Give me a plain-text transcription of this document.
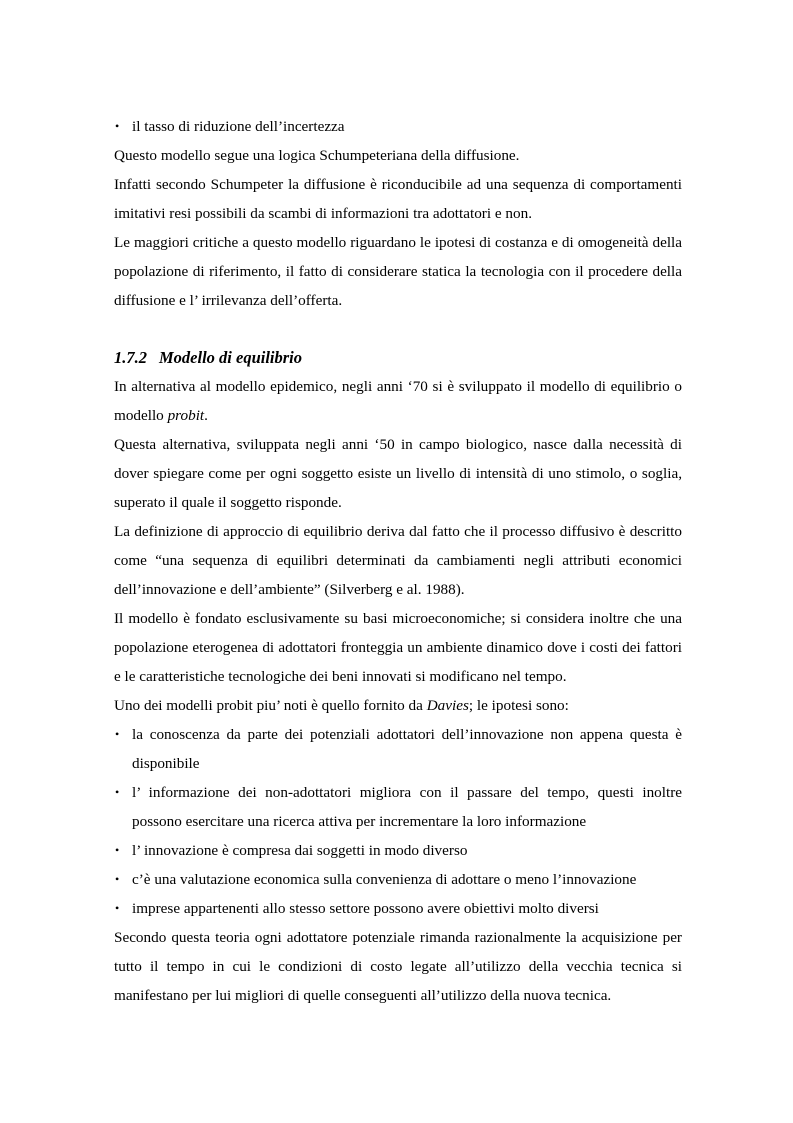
• il tasso di riduzione dell’incertezza

Questo modello segue una logica Schumpeteriana della diffusione.

Infatti secondo Schumpeter la diffusione è riconducibile ad una sequenza di comportamenti imitativi resi possibili da scambi di informazioni tra adottatori e non.

Le maggiori critiche a questo modello riguardano le ipotesi di costanza e di omogeneità della popolazione di riferimento, il fatto di considerare statica la tecnologia con il procedere della diffusione e l’ irrilevanza dell’offerta.

1.7.2 Modello di equilibrio

In alternativa al modello epidemico, negli anni ‘70 si è sviluppato il modello di equilibrio o modello probit.

Questa alternativa, sviluppata negli anni ‘50 in campo biologico, nasce dalla necessità di dover spiegare come per ogni soggetto esiste un livello di intensità di uno stimolo, o soglia, superato il quale il soggetto risponde.

La definizione di approccio di equilibrio deriva dal fatto che il processo diffusivo è descritto come “una sequenza di equilibri determinati da cambiamenti negli attributi economici dell’innovazione e dell’ambiente” (Silverberg e al. 1988).

Il modello è fondato esclusivamente su basi microeconomiche; si considera inoltre che una popolazione eterogenea di adottatori fronteggia un ambiente dinamico dove i costi dei fattori e le caratteristiche tecnologiche dei beni innovati si modificano nel tempo.

Uno dei modelli probit piu’ noti è quello fornito da Davies; le ipotesi sono:

• la conoscenza da parte dei potenziali adottatori dell’innovazione non appena questa è disponibile
• l’ informazione dei non-adottatori migliora con il passare del tempo, questi inoltre possono esercitare una ricerca attiva per incrementare la loro informazione
• l’ innovazione è compresa dai soggetti in modo diverso
• c’è una valutazione economica sulla convenienza di adottare o meno l’innovazione
• imprese appartenenti allo stesso settore possono avere obiettivi molto diversi

Secondo questa teoria ogni adottatore potenziale rimanda razionalmente la acquisizione per tutto il tempo in cui le condizioni di costo legate all’utilizzo della vecchia tecnica si manifestano per lui migliori di quelle conseguenti all’utilizzo della nuova tecnica.
